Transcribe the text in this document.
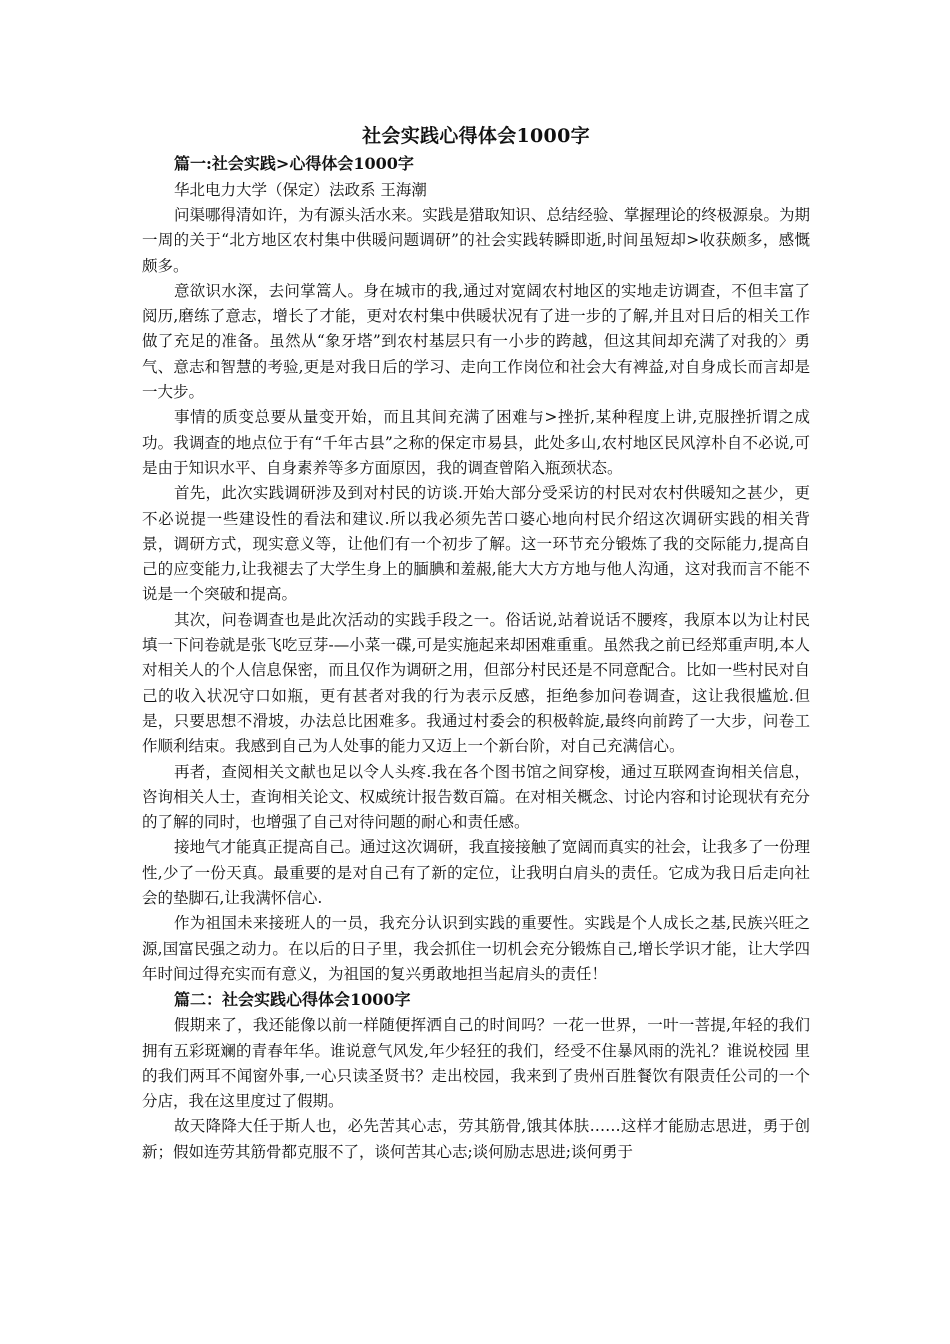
社会实践心得体会1000字
篇一:社会实践>心得体会1000字
华北电力大学（保定）法政系 王海潮

问渠哪得清如许，为有源头活水来。实践是猎取知识、总结经验、掌握理论的终极源泉。为期一周的关于“北方地区农村集中供暖问题调研”的社会实践转瞬即逝,时间虽短却>收获颇多，感慨颇多。

意欲识水深，去问掌篙人。身在城市的我,通过对宽阔农村地区的实地走访调查，不但丰富了阅历,磨练了意志，增长了才能，更对农村集中供暖状况有了进一步的了解,并且对日后的相关工作做了充足的准备。虽然从“象牙塔”到农村基层只有一小步的跨越，但这其间却充满了对我的〉勇气、意志和智慧的考验,更是对我日后的学习、走向工作岗位和社会大有裨益,对自身成长而言却是一大步。

事情的质变总要从量变开始，而且其间充满了困难与>挫折,某种程度上讲,克服挫折谓之成功。我调查的地点位于有“千年古县”之称的保定市易县，此处多山,农村地区民风淳朴自不必说,可是由于知识水平、自身素养等多方面原因，我的调查曾陷入瓶颈状态。

首先，此次实践调研涉及到对村民的访谈.开始大部分受采访的村民对农村供暖知之甚少，更不必说提一些建设性的看法和建议.所以我必须先苦口婆心地向村民介绍这次调研实践的相关背景，调研方式，现实意义等，让他们有一个初步了解。这一环节充分锻炼了我的交际能力,提高自己的应变能力,让我褪去了大学生身上的腼腆和羞赧,能大大方方地与他人沟通，这对我而言不能不说是一个突破和提高。

其次，问卷调查也是此次活动的实践手段之一。俗话说,站着说话不腰疼，我原本以为让村民填一下问卷就是张飞吃豆芽-—小菜一碟,可是实施起来却困难重重。虽然我之前已经郑重声明,本人对相关人的个人信息保密，而且仅作为调研之用，但部分村民还是不同意配合。比如一些村民对自己的收入状况守口如瓶，更有甚者对我的行为表示反感，拒绝参加问卷调查，这让我很尴尬.但是，只要思想不滑坡，办法总比困难多。我通过村委会的积极斡旋,最终向前跨了一大步，问卷工作顺利结束。我感到自己为人处事的能力又迈上一个新台阶，对自己充满信心。

再者，查阅相关文献也足以令人头疼.我在各个图书馆之间穿梭，通过互联网查询相关信息，咨询相关人士，查询相关论文、权威统计报告数百篇。在对相关概念、讨论内容和讨论现状有充分的了解的同时，也增强了自己对待问题的耐心和责任感。

接地气才能真正提高自己。通过这次调研，我直接接触了宽阔而真实的社会，让我多了一份理性,少了一份天真。最重要的是对自己有了新的定位，让我明白肩头的责任。它成为我日后走向社会的垫脚石,让我满怀信心.

作为祖国未来接班人的一员，我充分认识到实践的重要性。实践是个人成长之基,民族兴旺之源,国富民强之动力。在以后的日子里，我会抓住一切机会充分锻炼自己,增长学识才能，让大学四年时间过得充实而有意义，为祖国的复兴勇敢地担当起肩头的责任！

篇二：社会实践心得体会1000字

假期来了，我还能像以前一样随便挥洒自己的时间吗？一花一世界，一叶一菩提,年轻的我们拥有五彩斑斓的青春年华。谁说意气风发,年少轻狂的我们，经受不住暴风雨的洗礼？谁说校园 里的我们两耳不闻窗外事,一心只读圣贤书？走出校园，我来到了贵州百胜餐饮有限责任公司的一个分店，我在这里度过了假期。

故天降降大任于斯人也，必先苦其心志，劳其筋骨,饿其体肤……这样才能励志思进，勇于创新；假如连劳其筋骨都克服不了，谈何苦其心志;谈何励志思进;谈何勇于
